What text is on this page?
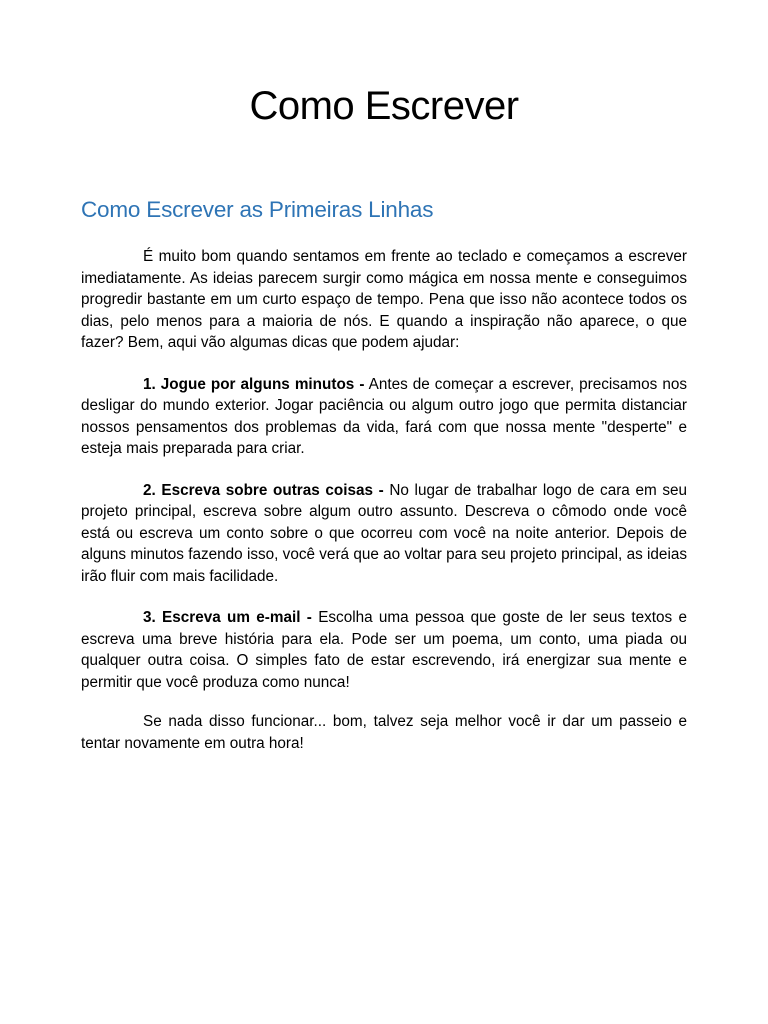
Como Escrever
Como Escrever as Primeiras Linhas

É muito bom quando sentamos em frente ao teclado e começamos a escrever imediatamente. As ideias parecem surgir como mágica em nossa mente e conseguimos progredir bastante em um curto espaço de tempo. Pena que isso não acontece todos os dias, pelo menos para a maioria de nós. E quando a inspiração não aparece, o que fazer? Bem, aqui vão algumas dicas que podem ajudar:

1. Jogue por alguns minutos - Antes de começar a escrever, precisamos nos desligar do mundo exterior. Jogar paciência ou algum outro jogo que permita distanciar nossos pensamentos dos problemas da vida, fará com que nossa mente "desperte" e esteja mais preparada para criar.

2. Escreva sobre outras coisas - No lugar de trabalhar logo de cara em seu projeto principal, escreva sobre algum outro assunto. Descreva o cômodo onde você está ou escreva um conto sobre o que ocorreu com você na noite anterior. Depois de alguns minutos fazendo isso, você verá que ao voltar para seu projeto principal, as ideias irão fluir com mais facilidade.

3. Escreva um e-mail - Escolha uma pessoa que goste de ler seus textos e escreva uma breve história para ela. Pode ser um poema, um conto, uma piada ou qualquer outra coisa. O simples fato de estar escrevendo, irá energizar sua mente e permitir que você produza como nunca!

Se nada disso funcionar... bom, talvez seja melhor você ir dar um passeio e tentar novamente em outra hora!
